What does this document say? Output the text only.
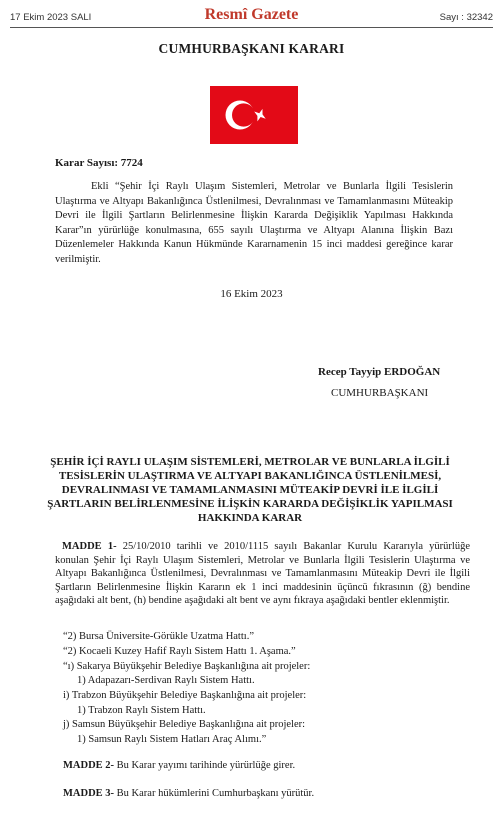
17 Ekim 2023 SALI	Resmî Gazete	Sayı : 32342
CUMHURBAŞKANI KARARI
Karar Sayısı: 7724
Ekli “Şehir İçi Raylı Ulaşım Sistemleri, Metrolar ve Bunlarla İlgili Tesislerin Ulaştırma ve Altyapı Bakanlığınca Üstlenilmesi, Devralınması ve Tamamlanmasını Müteakip Devri ile İlgili Şartların Belirlenmesine İlişkin Kararda Değişiklik Yapılması Hakkında Karar”ın yürürlüğe konulmasına, 655 sayılı Ulaştırma ve Altyapı Alanına İlişkin Bazı Düzenlemeler Hakkında Kanun Hükmünde Kararnamenin 15 inci maddesi gereğince karar verilmiştir.
16 Ekim 2023
Recep Tayyip ERDOĞAN
CUMHURBAŞKANI
ŞEHİR İÇİ RAYLI ULAŞIM SİSTEMLERİ, METROLAR VE BUNLARLA İLGİLİ TESİSLERİN ULAŞTIRMA VE ALTYAPI BAKANLIĞINCA ÜSTLENİLMESİ, DEVRALINMASI VE TAMAMLANMASINI MÜTEAKİP DEVRİ İLE İLGİLİ ŞARTLARIN BELİRLENMESİNE İLİŞKİN KARARDA DEĞİŞİKLİK YAPILMASI HAKKINDA KARAR
MADDE 1- 25/10/2010 tarihli ve 2010/1115 sayılı Bakanlar Kurulu Kararıyla yürürlüğe konulan Şehir İçi Raylı Ulaşım Sistemleri, Metrolar ve Bunlarla İlgili Tesislerin Ulaştırma ve Altyapı Bakanlığınca Üstlenilmesi, Devralınması ve Tamamlanmasını Müteakip Devri ile İlgili Şartların Belirlenmesine İlişkin Kararın ek 1 inci maddesinin üçüncü fıkrasının (ğ) bendine aşağıdaki alt bent, (h) bendine aşağıdaki alt bent ve aynı fıkraya aşağıdaki bentler eklenmiştir.
“2) Bursa Üniversite-Görükle Uzatma Hattı.”
“2) Kocaeli Kuzey Hafif Raylı Sistem Hattı 1. Aşama.”
“ı) Sakarya Büyükşehir Belediye Başkanlığına ait projeler:
1) Adapazarı-Serdivan Raylı Sistem Hattı.
i) Trabzon Büyükşehir Belediye Başkanlığına ait projeler:
1) Trabzon Raylı Sistem Hattı.
j) Samsun Büyükşehir Belediye Başkanlığına ait projeler:
1) Samsun Raylı Sistem Hatları Araç Alımı.”
MADDE 2- Bu Karar yayımı tarihinde yürürlüğe girer.
MADDE 3- Bu Karar hükümlerini Cumhurbaşkanı yürütür.
